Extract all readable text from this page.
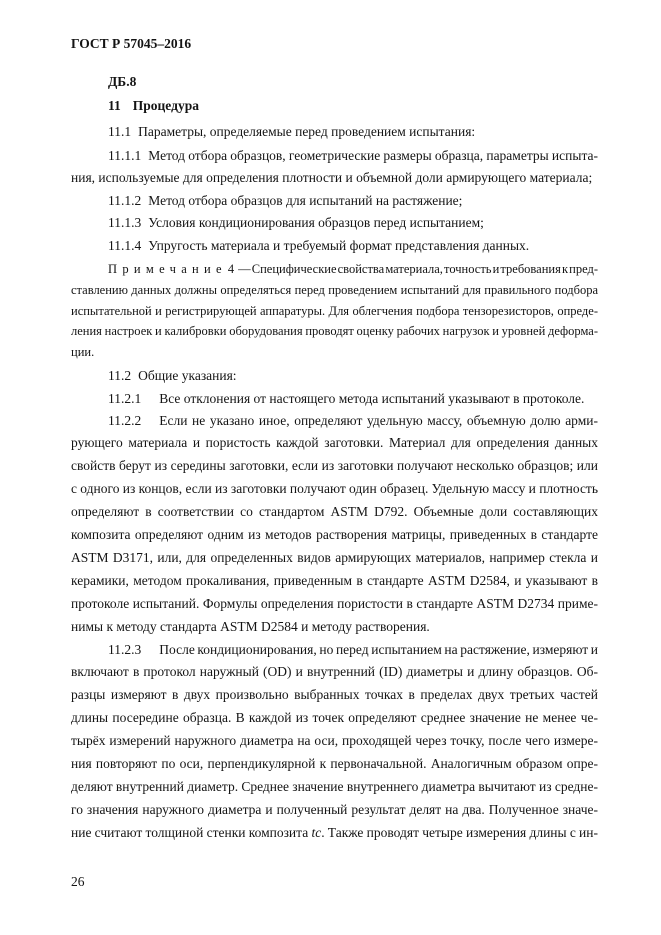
ГОСТ Р 57045–2016
ДБ.8
11 Процедура
11.1 Параметры, определяемые перед проведением испытания:
11.1.1 Метод отбора образцов, геометрические размеры образца, параметры испыта-
ния, используемые для определения плотности и объемной доли армирующего материала;
11.1.2 Метод отбора образцов для испытаний на растяжение;
11.1.3 Условия кондиционирования образцов перед испытанием;
11.1.4 Упругость материала и требуемый формат представления данных.
Примечание4 — Специфические свойства материала, точность и требования к пред-
ставлению данных должны определяться перед проведением испытаний для правильного подбора
испытательной и регистрирующей аппаратуры. Для облегчения подбора тензорезисторов, опреде-
ления настроек и калибровки оборудования проводят оценку рабочих нагрузок и уровней деформа-
ции.
11.2 Общие указания:
11.2.1 Все отклонения от настоящего метода испытаний указывают в протоколе.
11.2.2 Если не указано иное, определяют удельную массу, объемную долю арми-
рующего материала и пористость каждой заготовки. Материал для определения данных
свойств берут из середины заготовки, если из заготовки получают несколько образцов; или
с одного из концов, если из заготовки получают один образец. Удельную массу и плотность
определяют в соответствии со стандартом ASTM D792. Объемные доли составляющих
композита определяют одним из методов растворения матрицы, приведенных в стандарте
ASTM D3171, или, для определенных видов армирующих материалов, например стекла и
керамики, методом прокаливания, приведенным в стандарте ASTM D2584, и указывают в
протоколе испытаний. Формулы определения пористости в стандарте ASTM D2734 приме-
нимы к методу стандарта ASTM D2584 и методу растворения.
11.2.3 После кондиционирования, но перед испытанием на растяжение, измеряют и
включают в протокол наружный (OD) и внутренний (ID) диаметры и длину образцов. Об-
разцы измеряют в двух произвольно выбранных точках в пределах двух третьих частей
длины посередине образца. В каждой из точек определяют среднее значение не менее че-
тырёх измерений наружного диаметра на оси, проходящей через точку, после чего измере-
ния повторяют по оси, перпендикулярной к первоначальной. Аналогичным образом опре-
деляют внутренний диаметр. Среднее значение внутреннего диаметра вычитают из средне-
го значения наружного диаметра и полученный результат делят на два. Полученное значе-
ние считают толщиной стенки композита tc. Также проводят четыре измерения длины с ин-
26
